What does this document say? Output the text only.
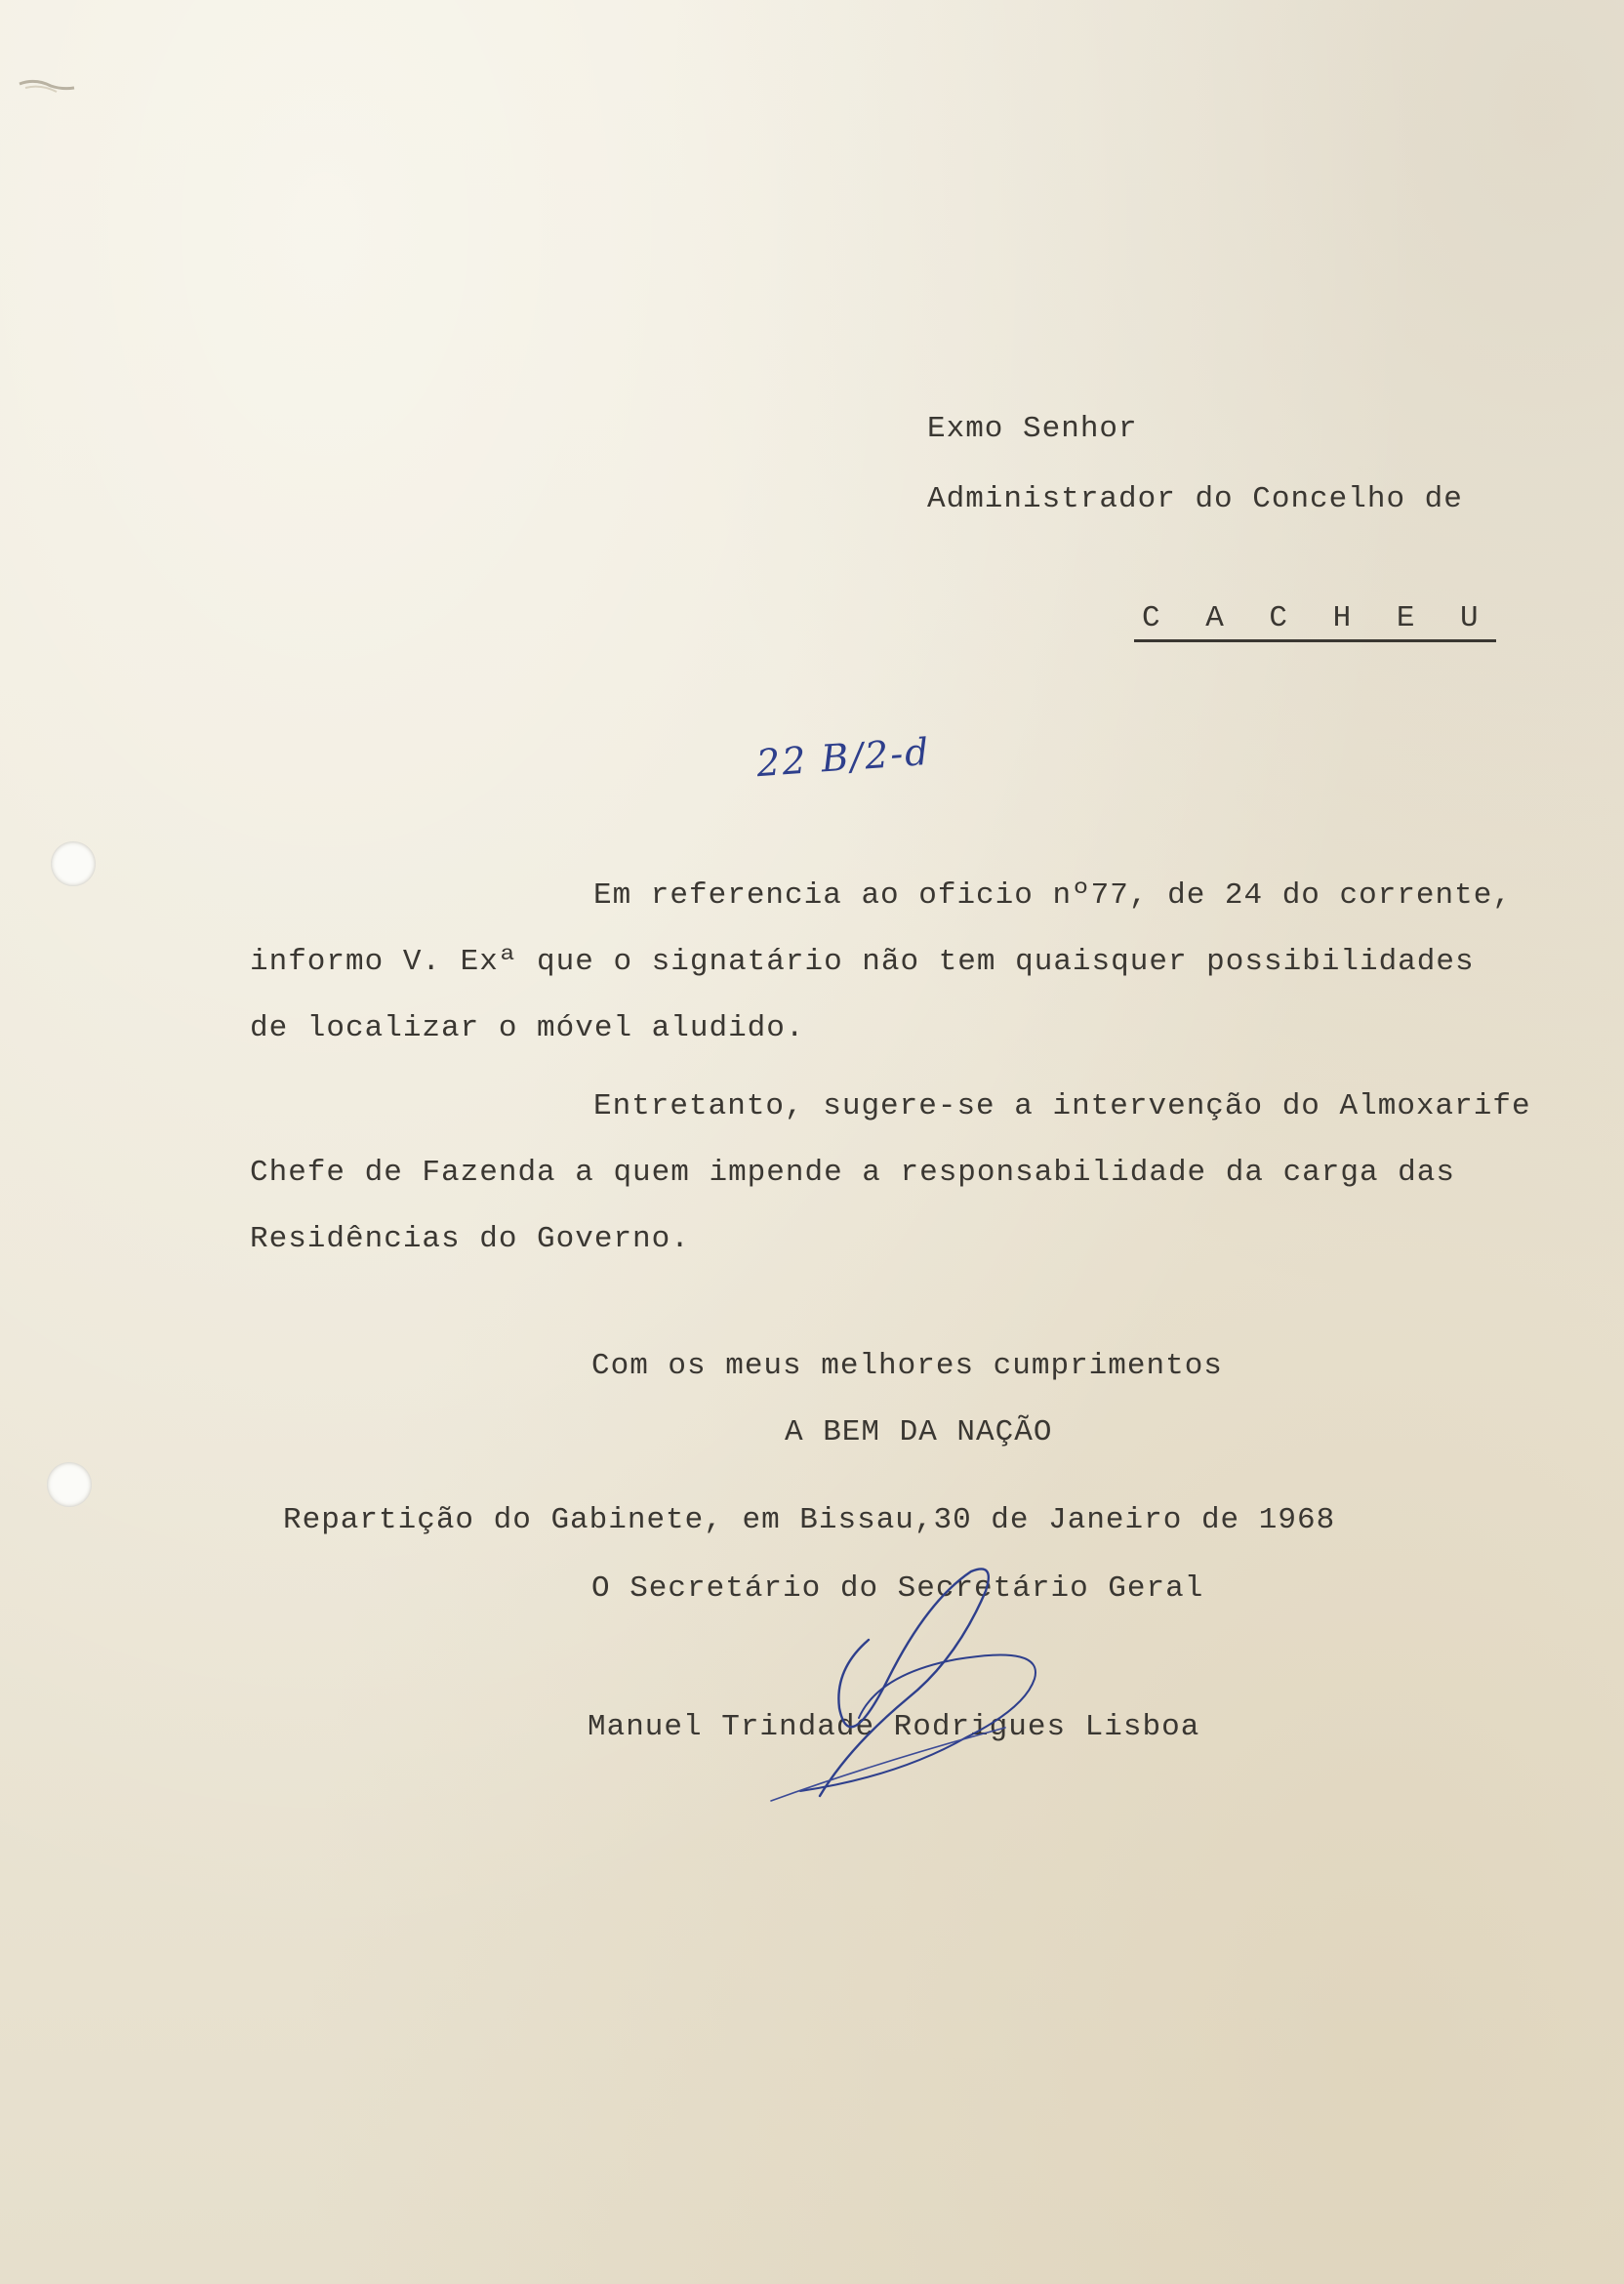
Exmo Senhor
Administrador do Concelho de
C A C H E U
22 B/2-d
Em referencia ao oficio nº77, de 24 do corrente,
informo V. Exª que o signatário não tem quaisquer possibilidades
de localizar o móvel aludido.
Entretanto, sugere-se a intervenção do Almoxarife
Chefe de Fazenda a quem impende a responsabilidade da carga das
Residências do Governo.
Com os meus melhores cumprimentos
A BEM DA NAÇÃO
Repartição do Gabinete, em Bissau,30 de Janeiro de 1968
O Secretário do Secretário Geral
Manuel Trindade Rodrigues Lisboa
